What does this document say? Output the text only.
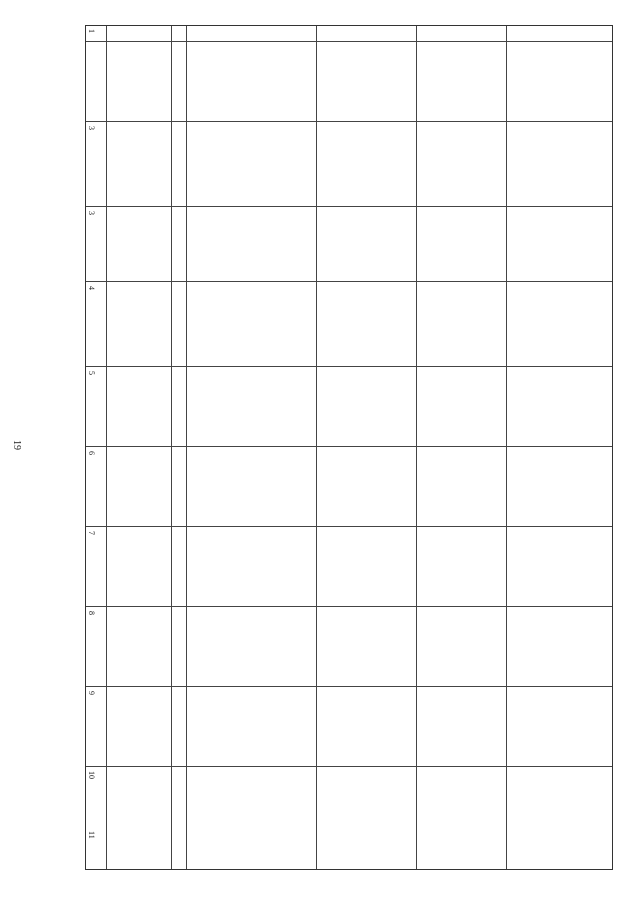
19
1
3
3
4
5
6
7
8
9
10
11
